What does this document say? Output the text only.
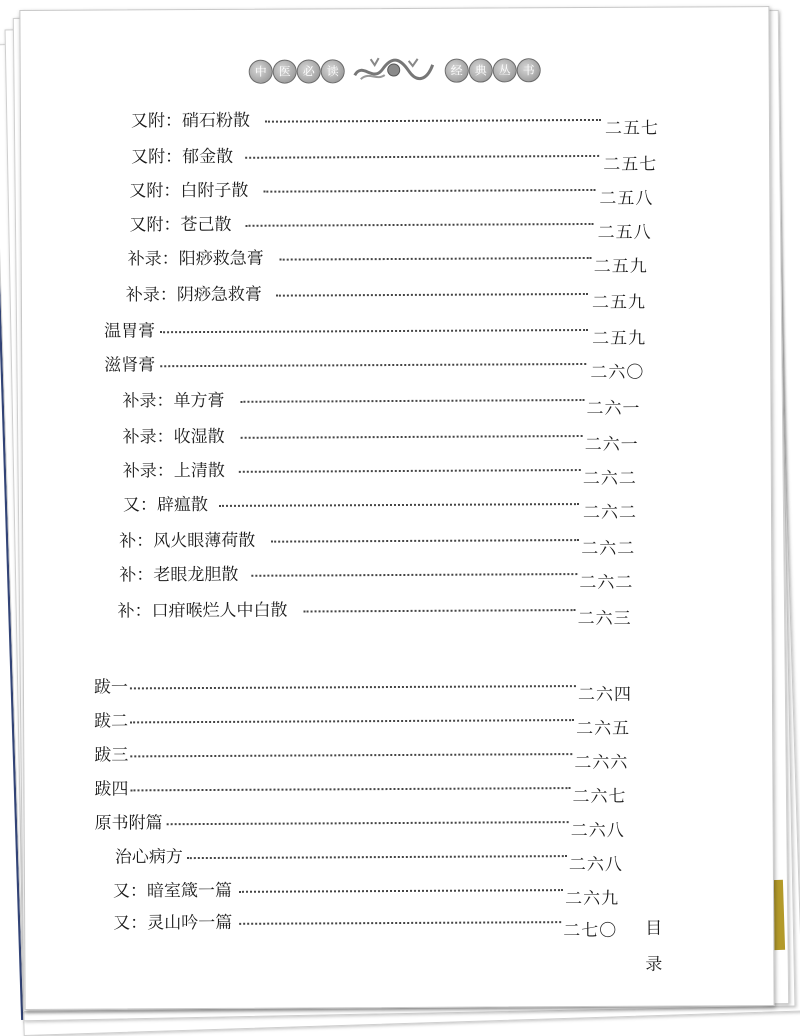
中 医 必 读	经 典 丛 书
又附：硝石粉散	二五七
又附：郁金散	二五七
又附：白附子散	二五八
又附：苍己散	二五八
补录：阳痧救急膏	二五九
补录：阴痧急救膏	二五九
温胃膏	二五九
滋肾膏	二六〇
补录：单方膏	二六一
补录：收湿散	二六一
补录：上清散	二六二
又：辟瘟散	二六二
补：风火眼薄荷散	二六二
补：老眼龙胆散	二六二
补：口疳喉烂人中白散	二六三
跋一	二六四
跋二	二六五
跋三	二六六
跋四	二六七
原书附篇	二六八
治心病方	二六八
又：暗室箴一篇	二六九
又：灵山吟一篇	二七〇 目
录
